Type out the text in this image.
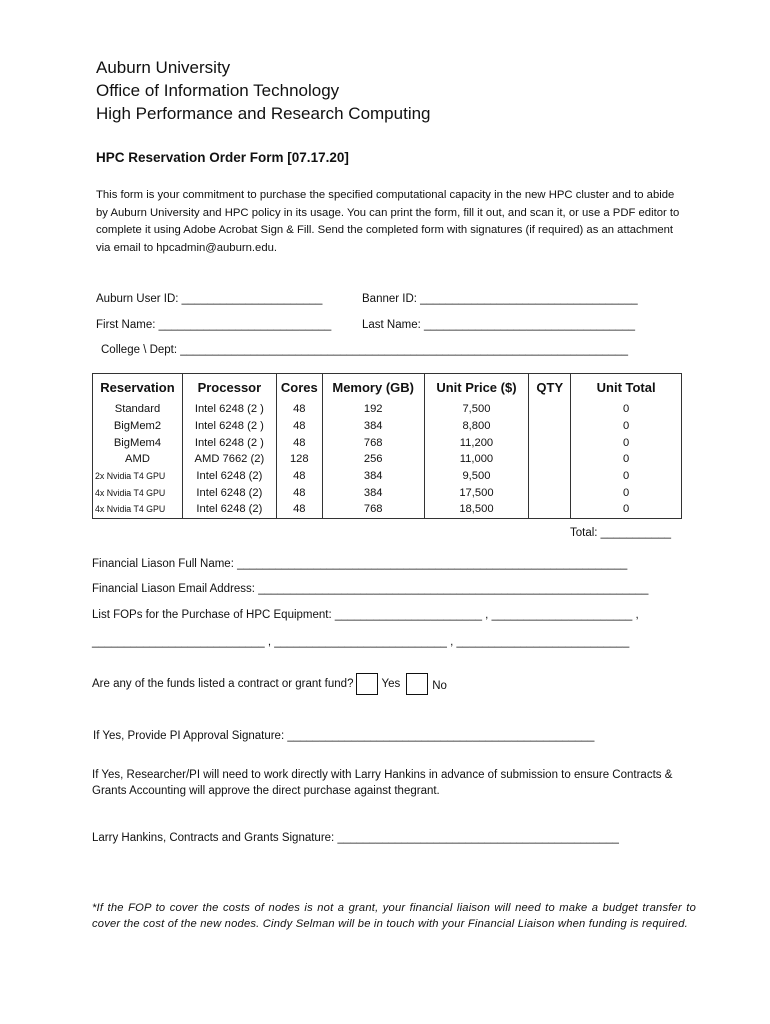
Auburn University
Office of Information Technology
High Performance and Research Computing
HPC Reservation Order Form [07.17.20]
This form is your commitment to purchase the specified computational capacity in the new HPC cluster and to abide by Auburn University and HPC policy in its usage. You can print the form, fill it out, and scan it, or use a PDF editor to complete it using Adobe Acrobat Sign & Fill. Send the completed form with signatures (if required) as an attachment via email to hpcadmin@auburn.edu.
Auburn User ID: ______________________	Banner ID: __________________________________
First Name: ___________________________	Last Name: _________________________________
College \ Dept: ______________________________________________________________________
Reservation	Processor	Cores	Memory (GB)	Unit Price ($)	QTY	Unit Total
Standard	Intel 6248 (2 )	48	192	7,500		0
BigMem2	Intel 6248 (2 )	48	384	8,800		0
BigMem4	Intel 6248 (2 )	48	768	11,200		0
AMD	AMD 7662 (2)	128	256	11,000		0
2x Nvidia T4 GPU	Intel 6248 (2)	48	384	9,500		0
4x Nvidia T4 GPU	Intel 6248 (2)	48	384	17,500		0
4x Nvidia T4 GPU	Intel 6248 (2)	48	768	18,500		0
Total: ___________
Financial Liason Full Name: _____________________________________________________________
Financial Liason Email Address: _____________________________________________________________
List FOPs for the Purchase of HPC Equipment: _______________________ , ______________________ ,
___________________________ , ___________________________ , ___________________________
Are any of the funds listed a contract or grant fund? Yes	No
If Yes, Provide PI Approval Signature: ________________________________________________
If Yes, Researcher/PI will need to work directly with Larry Hankins in advance of submission to ensure Contracts & Grants Accounting will approve the direct purchase against thegrant.
Larry Hankins, Contracts and Grants Signature: ____________________________________________
*If the FOP to cover the costs of nodes is not a grant, your financial liaison will need to make a budget transfer to cover the cost of the new nodes. Cindy Selman will be in touch with your Financial Liaison when funding is required.
